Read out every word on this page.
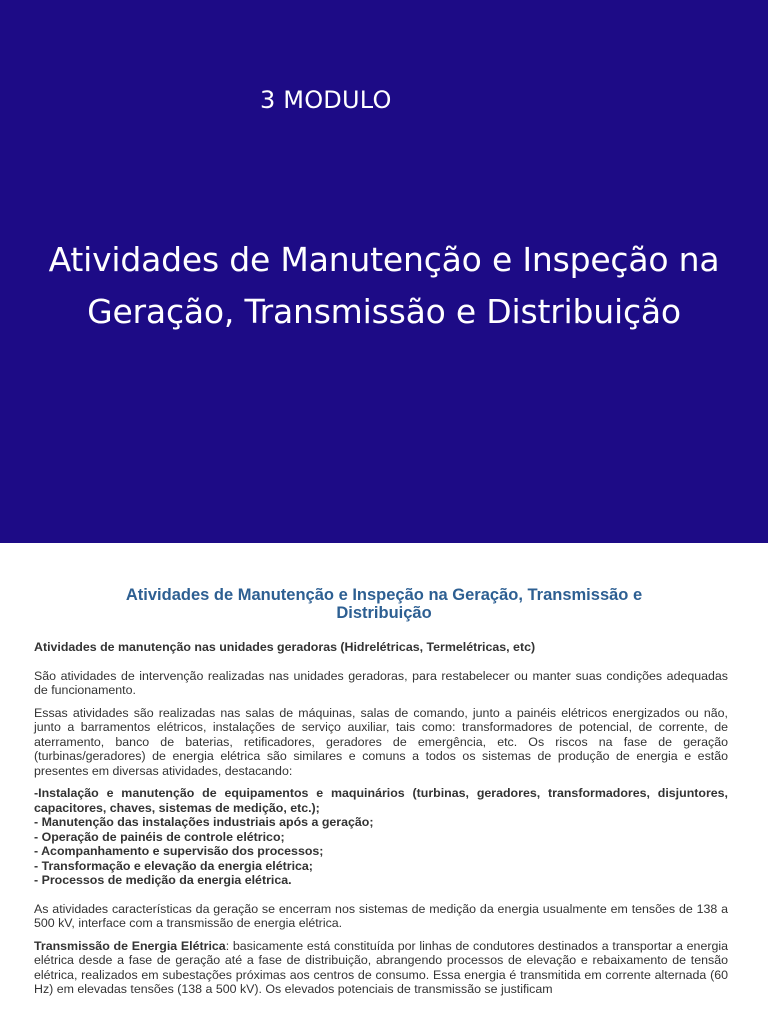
3 MODULO
Atividades de Manutenção e Inspeção na
Geração, Transmissão e Distribuição
Atividades de Manutenção e Inspeção na Geração, Transmissão e
Distribuição

Atividades de manutenção nas unidades geradoras (Hidrelétricas, Termelétricas, etc)

São atividades de intervenção realizadas nas unidades geradoras, para restabelecer ou manter suas condições adequadas de funcionamento.

Essas atividades são realizadas nas salas de máquinas, salas de comando, junto a painéis elétricos energizados ou não, junto a barramentos elétricos, instalações de serviço auxiliar, tais como: transformadores de potencial, de corrente, de aterramento, banco de baterias, retificadores, geradores de emergência, etc. Os riscos na fase de geração (turbinas/geradores) de energia elétrica são similares e comuns a todos os sistemas de produção de energia e estão presentes em diversas atividades, destacando:

-Instalação e manutenção de equipamentos e maquinários (turbinas, geradores, transformadores, disjuntores, capacitores, chaves, sistemas de medição, etc.);
- Manutenção das instalações industriais após a geração;
- Operação de painéis de controle elétrico;
- Acompanhamento e supervisão dos processos;
- Transformação e elevação da energia elétrica;
- Processos de medição da energia elétrica.

As atividades características da geração se encerram nos sistemas de medição da energia usualmente em tensões de 138 a 500 kV, interface com a transmissão de energia elétrica.

Transmissão de Energia Elétrica: basicamente está constituída por linhas de condutores destinados a transportar a energia elétrica desde a fase de geração até a fase de distribuição, abrangendo processos de elevação e rebaixamento de tensão elétrica, realizados em subestações próximas aos centros de consumo. Essa energia é transmitida em corrente alternada (60 Hz) em elevadas tensões (138 a 500 kV). Os elevados potenciais de transmissão se justificam
